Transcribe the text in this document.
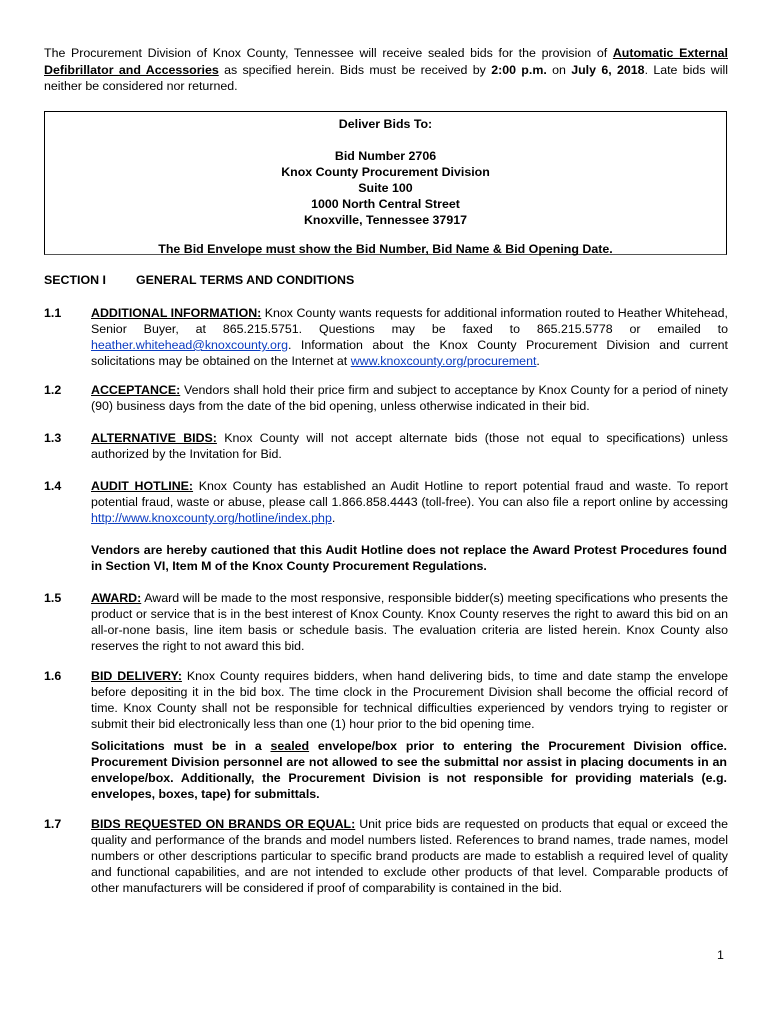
The Procurement Division of Knox County, Tennessee will receive sealed bids for the provision of Automatic External Defibrillator and Accessories as specified herein. Bids must be received by 2:00 p.m. on July 6, 2018. Late bids will neither be considered nor returned.
Deliver Bids To:
Bid Number 2706
Knox County Procurement Division
Suite 100
1000 North Central Street
Knoxville, Tennessee 37917
The Bid Envelope must show the Bid Number, Bid Name & Bid Opening Date.
SECTION I GENERAL TERMS AND CONDITIONS
1.1 ADDITIONAL INFORMATION: Knox County wants requests for additional information routed to Heather Whitehead, Senior Buyer, at 865.215.5751. Questions may be faxed to 865.215.5778 or emailed to heather.whitehead@knoxcounty.org. Information about the Knox County Procurement Division and current solicitations may be obtained on the Internet at www.knoxcounty.org/procurement.
1.2 ACCEPTANCE: Vendors shall hold their price firm and subject to acceptance by Knox County for a period of ninety (90) business days from the date of the bid opening, unless otherwise indicated in their bid.
1.3 ALTERNATIVE BIDS: Knox County will not accept alternate bids (those not equal to specifications) unless authorized by the Invitation for Bid.
1.4 AUDIT HOTLINE: Knox County has established an Audit Hotline to report potential fraud and waste. To report potential fraud, waste or abuse, please call 1.866.858.4443 (toll-free). You can also file a report online by accessing http://www.knoxcounty.org/hotline/index.php.
Vendors are hereby cautioned that this Audit Hotline does not replace the Award Protest Procedures found in Section VI, Item M of the Knox County Procurement Regulations.
1.5 AWARD: Award will be made to the most responsive, responsible bidder(s) meeting specifications who presents the product or service that is in the best interest of Knox County. Knox County reserves the right to award this bid on an all-or-none basis, line item basis or schedule basis. The evaluation criteria are listed herein. Knox County also reserves the right to not award this bid.
1.6 BID DELIVERY: Knox County requires bidders, when hand delivering bids, to time and date stamp the envelope before depositing it in the bid box. The time clock in the Procurement Division shall become the official record of time. Knox County shall not be responsible for technical difficulties experienced by vendors trying to register or submit their bid electronically less than one (1) hour prior to the bid opening time.
Solicitations must be in a sealed envelope/box prior to entering the Procurement Division office. Procurement Division personnel are not allowed to see the submittal nor assist in placing documents in an envelope/box. Additionally, the Procurement Division is not responsible for providing materials (e.g. envelopes, boxes, tape) for submittals.
1.7 BIDS REQUESTED ON BRANDS OR EQUAL: Unit price bids are requested on products that equal or exceed the quality and performance of the brands and model numbers listed. References to brand names, trade names, model numbers or other descriptions particular to specific brand products are made to establish a required level of quality and functional capabilities, and are not intended to exclude other products of that level. Comparable products of other manufacturers will be considered if proof of comparability is contained in the bid.
1
